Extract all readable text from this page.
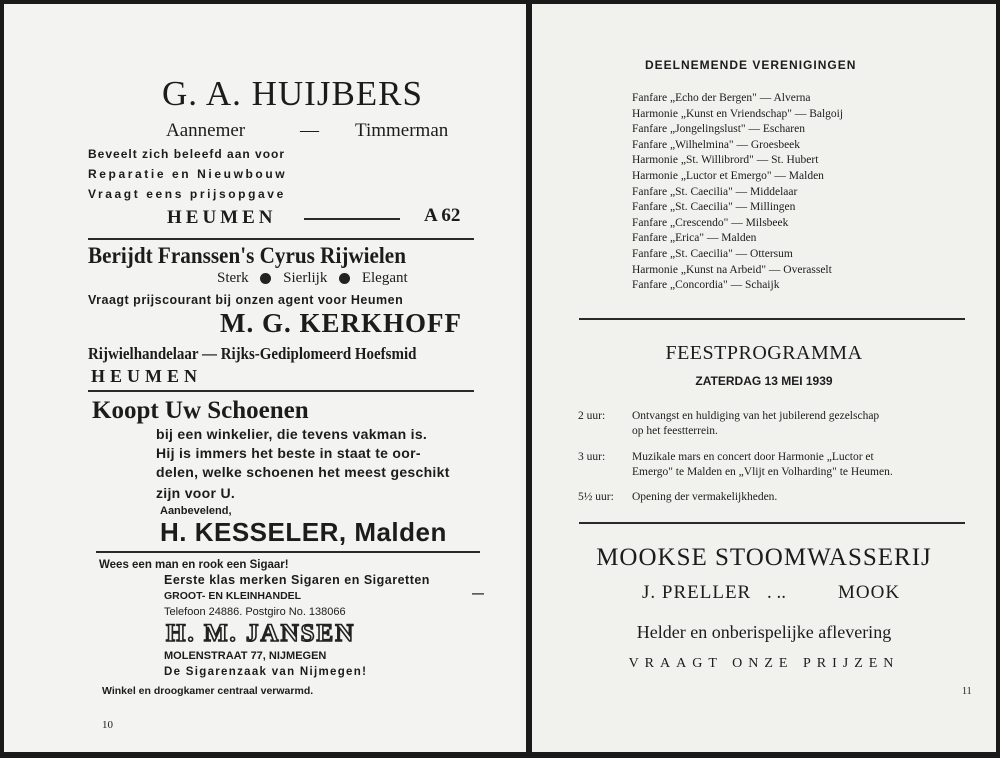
G. A. HUIJBERS
Aannemer	— Timmerman
Beveelt zich beleefd aan voor
Reparatie en Nieuwbouw
Vraagt eens prijsopgave
HEUMEN	A 62
Berijdt Franssen's Cyrus Rijwielen
Sterk Sierlijk Elegant
Vraagt prijscourant bij onzen agent voor Heumen
M. G. KERKHOFF
Rijwielhandelaar — Rijks-Gediplomeerd Hoefsmid
HEUMEN
Koopt Uw Schoenen
bij een winkelier, die tevens vakman is.
Hij is immers het beste in staat te oor-
delen, welke schoenen het meest geschikt
zijn voor U.
Aanbevelend,
H. KESSELER, Malden
Wees een man en rook een Sigaar!
Eerste klas merken Sigaren en Sigaretten
GROOT- EN KLEINHANDEL	—
Telefoon 24886. Postgiro No. 138066
H. M. JANSEN
MOLENSTRAAT 77, NIJMEGEN
De Sigarenzaak van Nijmegen!
Winkel en droogkamer centraal verwarmd.
10
DEELNEMENDE VERENIGINGEN
Fanfare „Echo der Bergen" — Alverna
Harmonie „Kunst en Vriendschap" — Balgoij
Fanfare „Jongelingslust" — Escharen
Fanfare „Wilhelmina" — Groesbeek
Harmonie „St. Willibrord" — St. Hubert
Harmonie „Luctor et Emergo" — Malden
Fanfare „St. Caecilia" — Middelaar
Fanfare „St. Caecilia" — Millingen
Fanfare „Crescendo" — Milsbeek
Fanfare „Erica" — Malden
Fanfare „St. Caecilia" — Ottersum
Harmonie „Kunst na Arbeid" — Overasselt
Fanfare „Concordia" — Schaijk
FEESTPROGRAMMA
ZATERDAG 13 MEI 1939
2 uur: Ontvangst en huldiging van het jubilerend gezelschap
op het feestterrein.
3 uur: Muzikale mars en concert door Harmonie „Luctor et
Emergo" te Malden en „Vlijt en Volharding" te Heumen.
5½ uur: Opening der vermakelijkheden.
MOOKSE STOOMWASSERIJ
J. PRELLER . ..	MOOK
Helder en onberispelijke aflevering
VRAAGT ONZE PRIJZEN
11
